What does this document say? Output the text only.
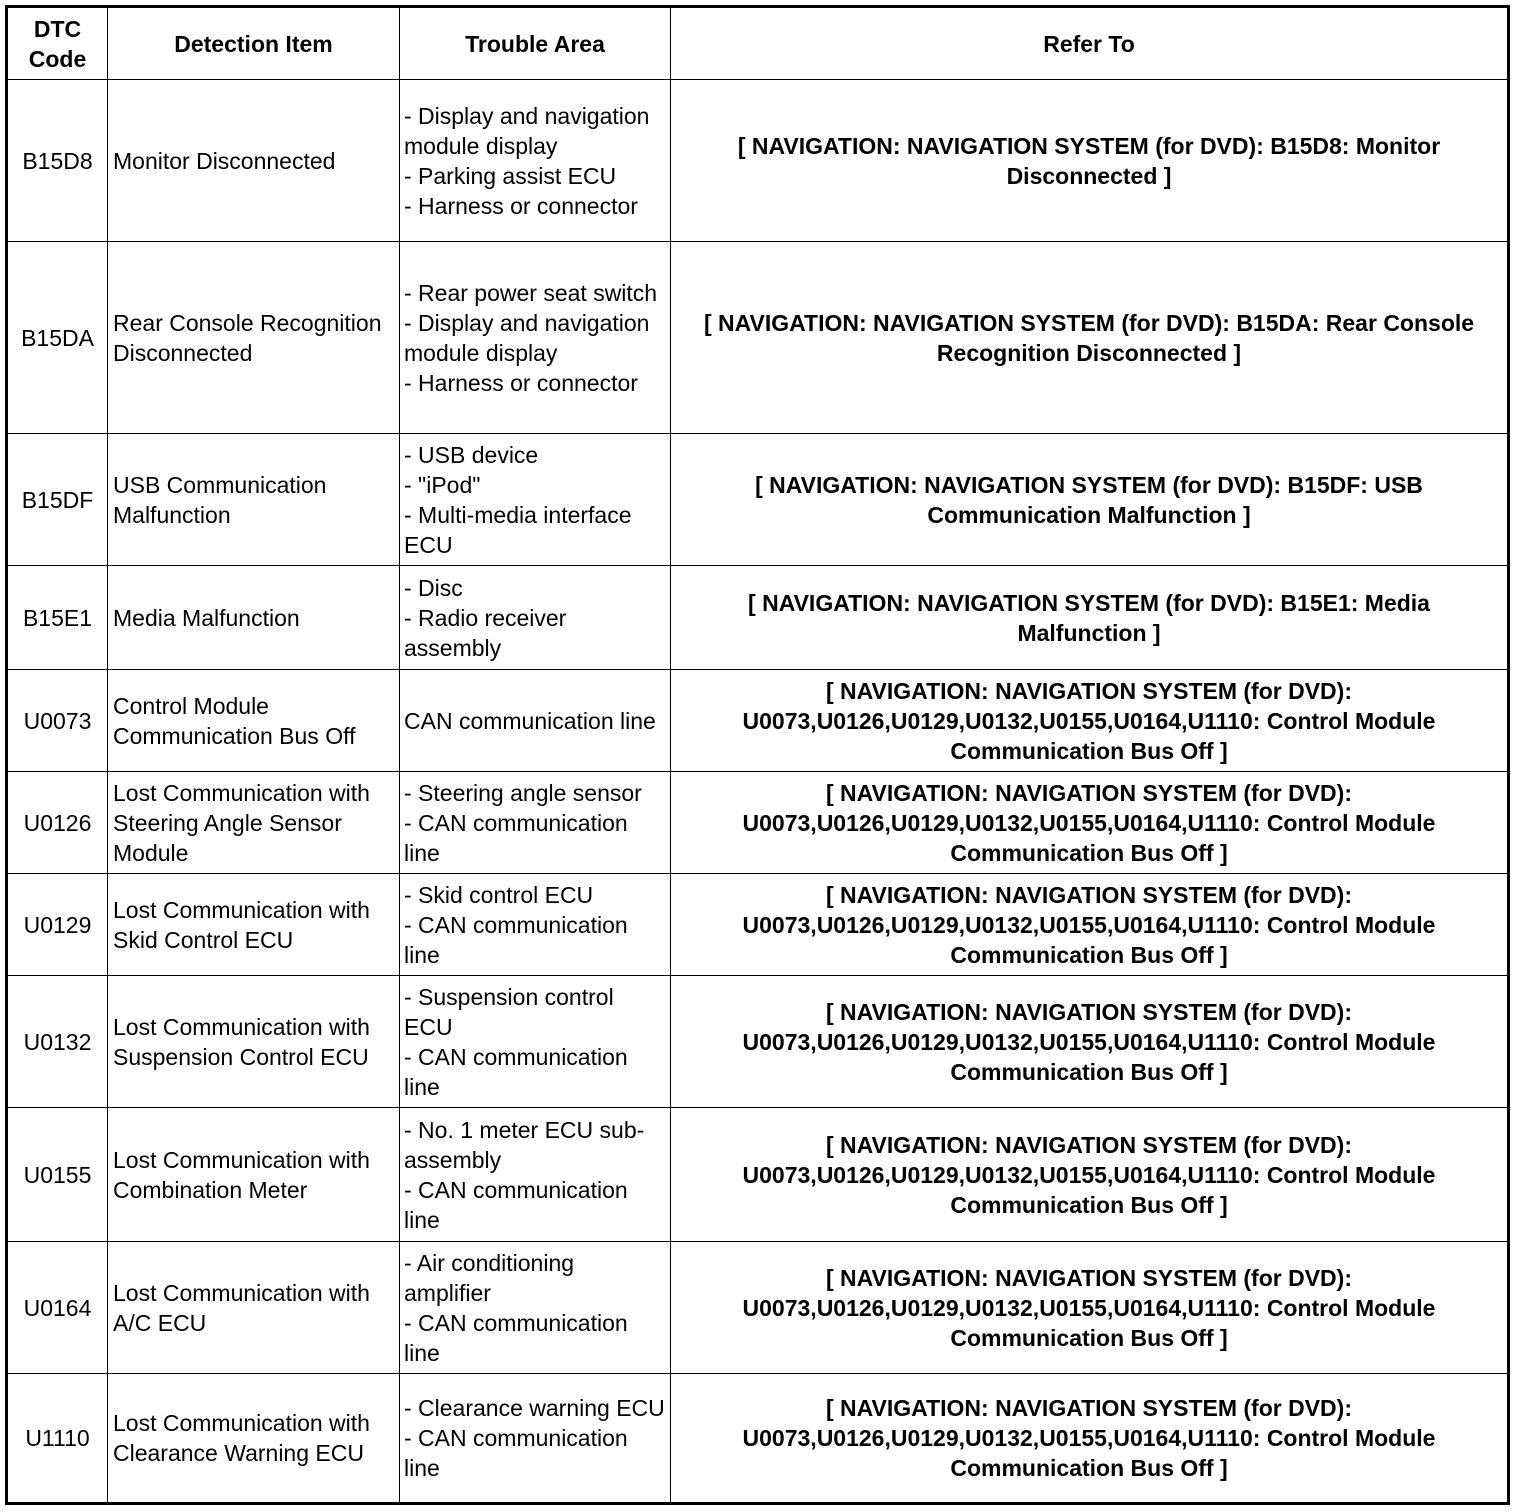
DTC Code	Detection Item	Trouble Area	Refer To
B15D8	Monitor Disconnected	- Display and navigation module display
- Parking assist ECU
- Harness or connector	[ NAVIGATION: NAVIGATION SYSTEM (for DVD): B15D8: Monitor Disconnected ]
B15DA	Rear Console Recognition Disconnected	- Rear power seat switch
- Display and navigation module display
- Harness or connector	[ NAVIGATION: NAVIGATION SYSTEM (for DVD): B15DA: Rear Console Recognition Disconnected ]
B15DF	USB Communication Malfunction	- USB device
- "iPod"
- Multi-media interface ECU	[ NAVIGATION: NAVIGATION SYSTEM (for DVD): B15DF: USB Communication Malfunction ]
B15E1	Media Malfunction	- Disc
- Radio receiver assembly	[ NAVIGATION: NAVIGATION SYSTEM (for DVD): B15E1: Media Malfunction ]
U0073	Control Module Communication Bus Off	CAN communication line	[ NAVIGATION: NAVIGATION SYSTEM (for DVD): U0073,U0126,U0129,U0132,U0155,U0164,U1110: Control Module Communication Bus Off ]
U0126	Lost Communication with Steering Angle Sensor Module	- Steering angle sensor
- CAN communication line	[ NAVIGATION: NAVIGATION SYSTEM (for DVD): U0073,U0126,U0129,U0132,U0155,U0164,U1110: Control Module Communication Bus Off ]
U0129	Lost Communication with Skid Control ECU	- Skid control ECU
- CAN communication line	[ NAVIGATION: NAVIGATION SYSTEM (for DVD): U0073,U0126,U0129,U0132,U0155,U0164,U1110: Control Module Communication Bus Off ]
U0132	Lost Communication with Suspension Control ECU	- Suspension control ECU
- CAN communication line	[ NAVIGATION: NAVIGATION SYSTEM (for DVD): U0073,U0126,U0129,U0132,U0155,U0164,U1110: Control Module Communication Bus Off ]
U0155	Lost Communication with Combination Meter	- No. 1 meter ECU sub-assembly
- CAN communication line	[ NAVIGATION: NAVIGATION SYSTEM (for DVD): U0073,U0126,U0129,U0132,U0155,U0164,U1110: Control Module Communication Bus Off ]
U0164	Lost Communication with A/C ECU	- Air conditioning amplifier
- CAN communication line	[ NAVIGATION: NAVIGATION SYSTEM (for DVD): U0073,U0126,U0129,U0132,U0155,U0164,U1110: Control Module Communication Bus Off ]
U1110	Lost Communication with Clearance Warning ECU	- Clearance warning ECU
- CAN communication line	[ NAVIGATION: NAVIGATION SYSTEM (for DVD): U0073,U0126,U0129,U0132,U0155,U0164,U1110: Control Module Communication Bus Off ]
